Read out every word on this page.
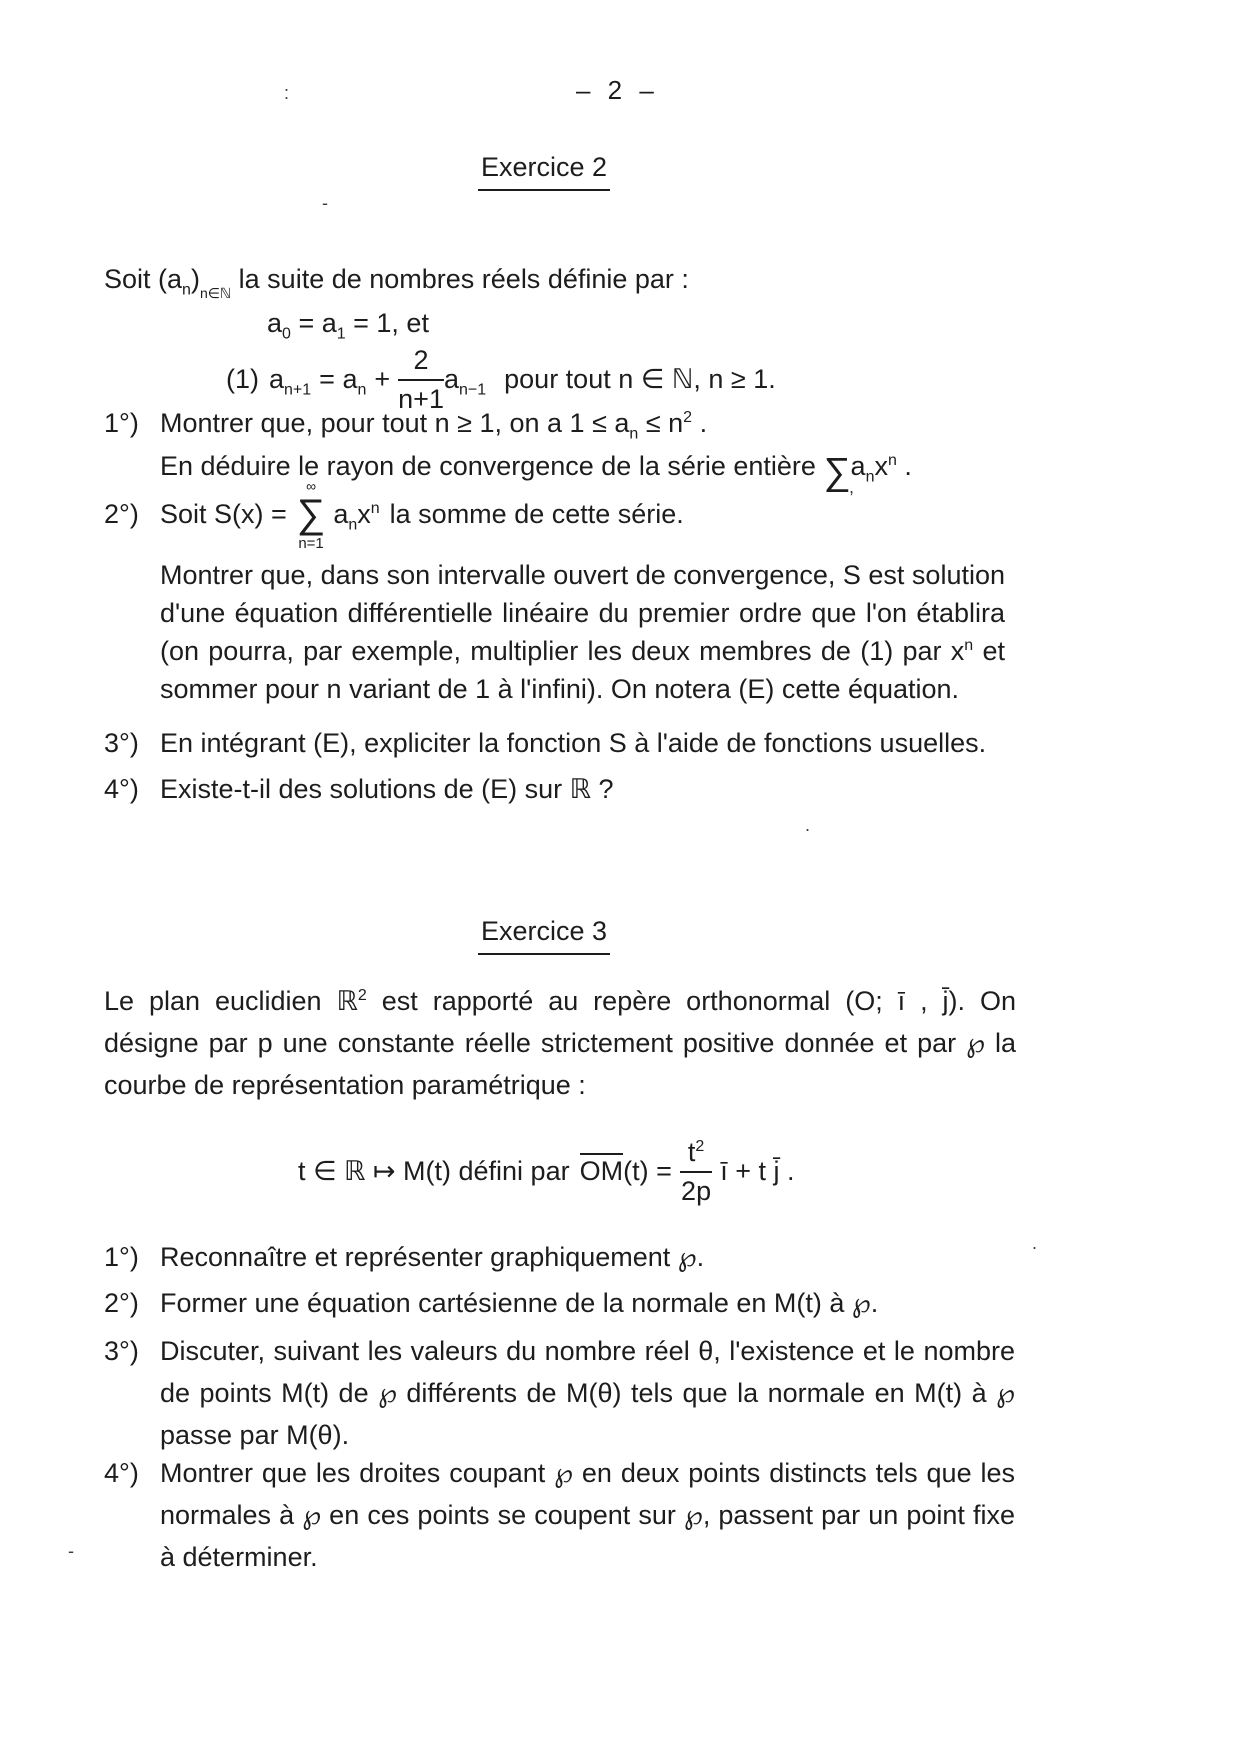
– 2 –
:
-
,
.
.
-
Exercice 2
Soit $(a_n)_{n\in ℕ}$ la suite de nombres réels définie par :
$a_0 = a_1 = 1$, et
(1) $a_{n+1} = a_n + \frac{2}{n+1} a_{n-1}$ pour tout n ∈ ℕ, n ≥ 1.
1°) Montrer que, pour tout n ≥ 1, on a $1 \le a_n \le n^2$ .
En déduire le rayon de convergence de la série entière $\sum a_nx^n$ .
2°) Soit S(x) =
∞
∑
n=1
$a_nx^n$ la somme de cette série.
Montrer que, dans son intervalle ouvert de convergence, S est solution d'une équation différentielle linéaire du premier ordre que l'on établira (on pourra, par exemple, multiplier les deux membres de (1) par $x^n$ et sommer pour n variant de 1 à l'infini). On notera (E) cette équation.
3°) En intégrant (E), expliciter la fonction S à l'aide de fonctions usuelles.
4°) Existe-t-il des solutions de (E) sur ℝ ?
Exercice 3
Le plan euclidien ℝ$^2$ est rapporté au repère orthonormal (O; ī , j̄). On désigne par p une constante réelle strictement positive donnée et par ℘ la courbe de représentation paramétrique :
t ∈ ℝ ↦ M(t) défini par $OM(t) = \frac{t^2}{2p}$ ī + t j̄ .
1°) Reconnaître et représenter graphiquement ℘.
2°) Former une équation cartésienne de la normale en M(t) à ℘.
3°) Discuter, suivant les valeurs du nombre réel θ, l'existence et le nombre de points M(t) de ℘ différents de M(θ) tels que la normale en M(t) à ℘ passe par M(θ).
4°) Montrer que les droites coupant ℘ en deux points distincts tels que les normales à ℘ en ces points se coupent sur ℘, passent par un point fixe à déterminer.
